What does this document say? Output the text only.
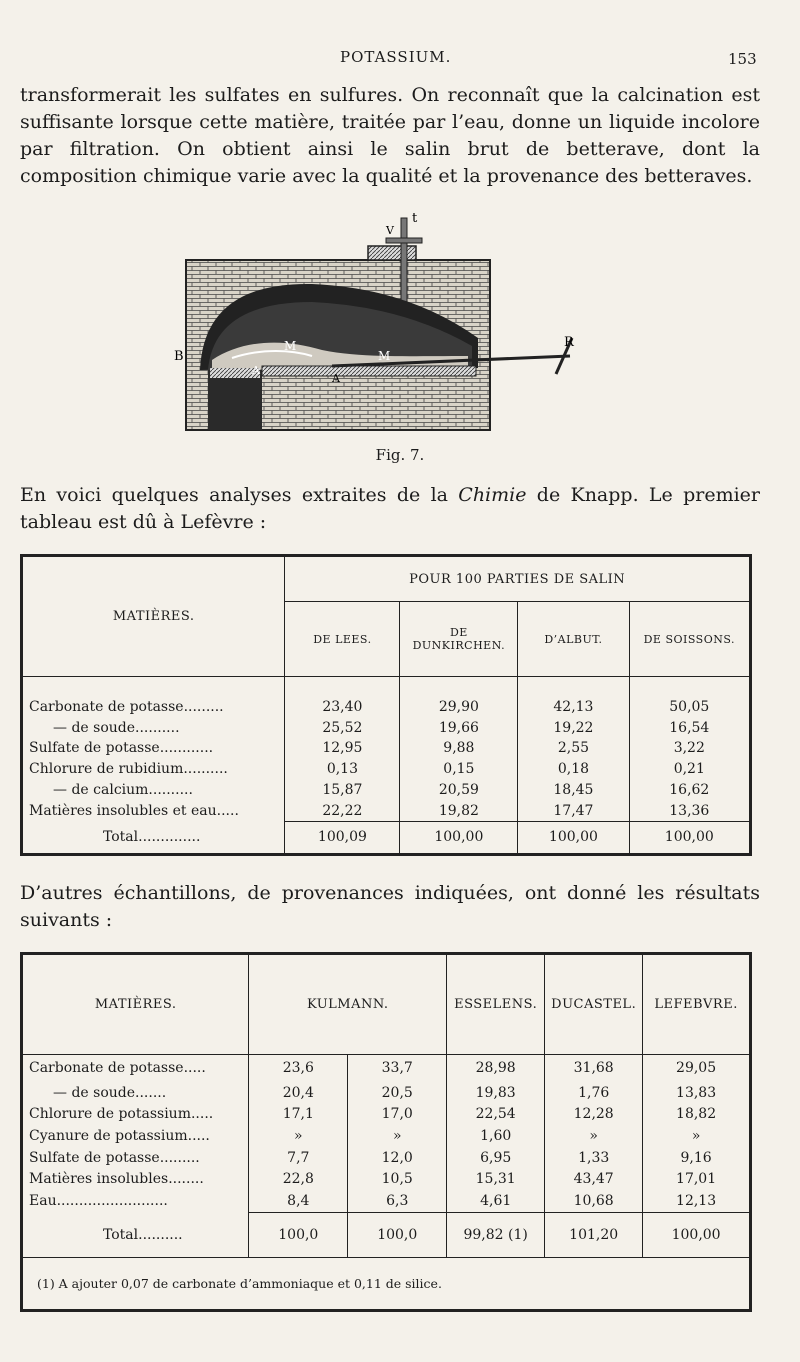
POTASSIUM.	153
transformerait les sulfates en sulfures. On reconnaît que la calcination est suffisante lorsque cette matière, traitée par l’eau, donne un liquide incolore par filtration. On obtient ainsi le salin brut de betterave, dont la composition chimique varie avec la qualité et la provenance des betteraves.
t
V
B
M
M
A
A
R
Fig. 7.
En voici quelques analyses extraites de la Chimie de Knapp. Le premier tableau est dû à Lefèvre :
MATIÈRES.	POUR 100 PARTIES DE SALIN			
	DE LEES.	DE DUNKIRCHEN.	D’ALBUT.	DE SOISSONS.

Carbonate de potasse.........	23,40	29,90	42,13	50,05
— de soude..........	25,52	19,66	19,22	16,54
Sulfate de potasse............	12,95	9,88	2,55	3,22
Chlorure de rubidium..........	0,13	0,15	0,18	0,21
— de calcium..........	15,87	20,59	18,45	16,62
Matières insolubles et eau.....	22,22	19,82	17,47	13,36
Total..............	100,09	100,00	100,00	100,00
D’autres échantillons, de provenances indiquées, ont donné les résultats suivants :
MATIÈRES.	KULMANN.		ESSELENS.	DUCASTEL.	LEFEBVRE.
Carbonate de potasse.....	23,6	33,7	28,98	31,68	29,05
— de soude.......	20,4	20,5	19,83	1,76	13,83
Chlorure de potassium.....	17,1	17,0	22,54	12,28	18,82
Cyanure de potassium.....	»	»	1,60	»	»
Sulfate de potasse.........	7,7	12,0	6,95	1,33	9,16
Matières insolubles........	22,8	10,5	15,31	43,47	17,01
Eau.........................	8,4	6,3	4,61	10,68	12,13
Total..........	100,0	100,0	99,82 (1)	101,20	100,00
(1) A ajouter 0,07 de carbonate d’ammoniaque et 0,11 de silice.					
